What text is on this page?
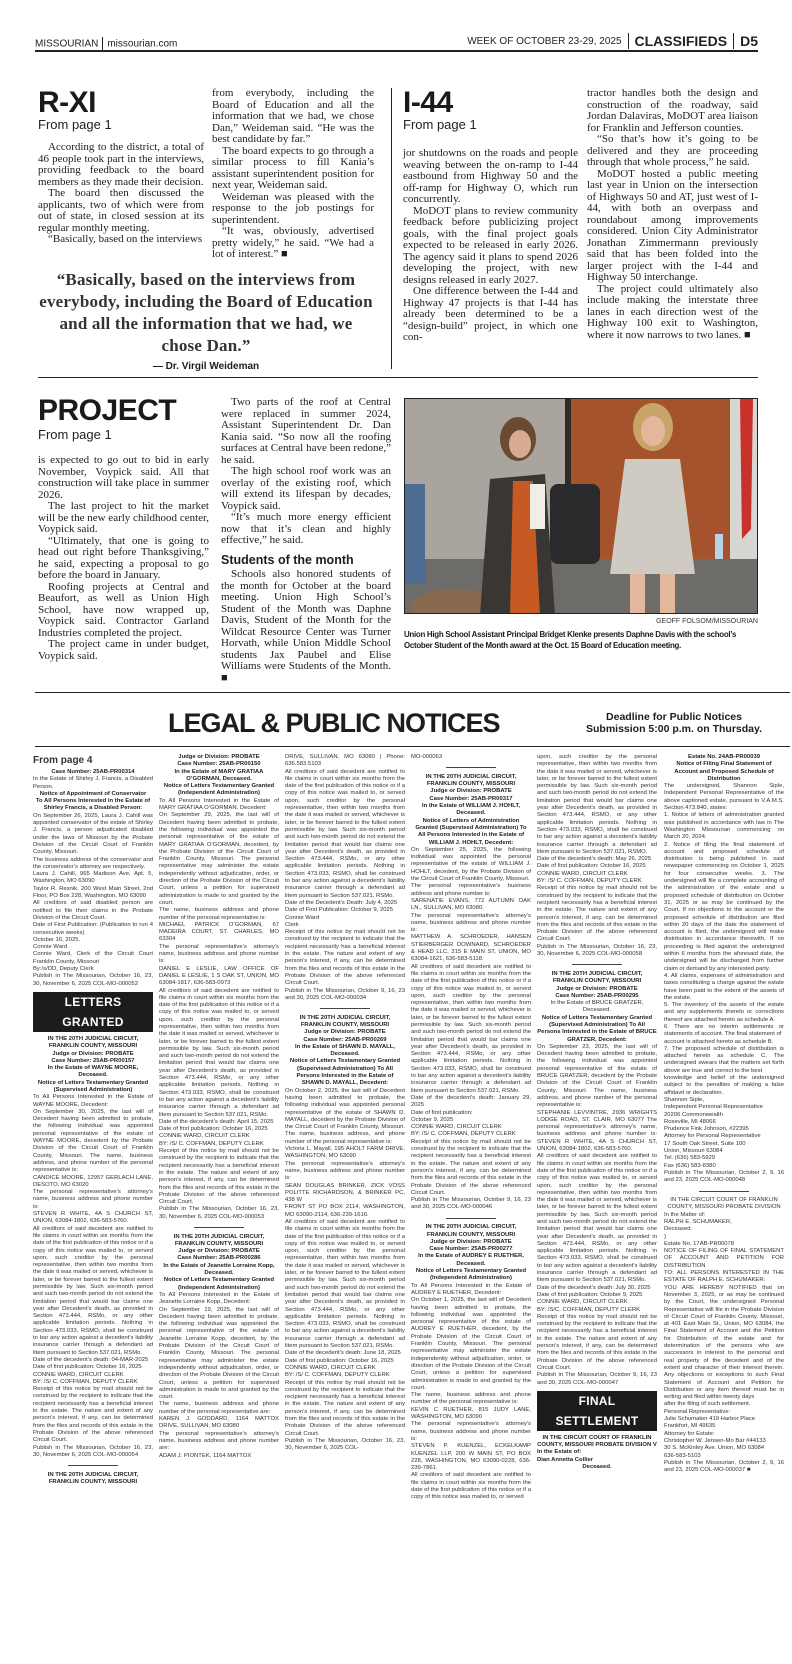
MISSOURIAN missourian.com	WEEK OF OCTOBER 23-29, 2025 CLASSIFIEDS D5
R-XI
From page 1

According to the district, a total of 46 people took part in the interviews, providing feedback to the board members as they made their decision.

The board then discussed the applicants, two of which were from out of state, in closed session at its regular monthly meeting.

“Basically, based on the interviews

from everybody, including the Board of Education and all the information that we had, we chose Dan,” Weideman said. “He was the best candidate by far.”

The board expects to go through a similar process to fill Kania’s assistant superintendent position for next year, Weideman said.

Weideman was pleased with the response to the job postings for superintendent.

“It was, obviously, advertised pretty widely,” he said. “We had a lot of interest.” ■

“Basically, based on the interviews from everybody, including the Board of Education and all the information that we had, we chose Dan.”
— Dr. Virgil Weideman
I-44
From page 1

jor shutdowns on the roads and people weaving between the on-ramp to I-44 eastbound from Highway 50 and the off-ramp for Highway O, which run concurrently.

MoDOT plans to review community feedback before publicizing project goals, with the final project goals expected to be released in early 2026. The agency said it plans to spend 2026 developing the project, with new designs released in early 2027.

One difference between the I-44 and Highway 47 projects is that I-44 has already been determined to be a “design-build” project, in which one con-

tractor handles both the design and construction of the roadway, said Jordan Dalaviras, MoDOT area liaison for Franklin and Jefferson counties.

“So that’s how it’s going to be delivered and they are proceeding through that whole process,” he said.

MoDOT hosted a public meeting last year in Union on the intersection of Highways 50 and AT, just west of I-44, with both an overpass and roundabout among improvements considered. Union City Administrator Jonathan Zimmermann previously said that has been folded into the larger project with the I-44 and Highway 50 interchange.

The project could ultimately also include making the interstate three lanes in each direction west of the Highway 100 exit to Washington, where it now narrows to two lanes. ■

PROJECT
From page 1

is expected to go out to bid in early November, Voypick said. All that construction will take place in summer 2026.

The last project to hit the market will be the new early childhood center, Voypick said.

“Ultimately, that one is going to head out right before Thanksgiving,” he said, expecting a proposal to go before the board in January.

Roofing projects at Central and Beaufort, as well as Union High School, have now wrapped up, Voypick said. Contractor Garland Industries completed the project.

The project came in under budget, Voypick said.

Two parts of the roof at Central were replaced in summer 2024, Assistant Superintendent Dr. Dan Kania said. “So now all the roofing surfaces at Central have been redone,” he said.

The high school roof work was an overlay of the existing roof, which will extend its lifespan by decades, Voypick said.

“It’s much more energy efficient now that it’s clean and highly effective,” he said.

Students of the month

Schools also honored students of the month for October at the board meeting. Union High School’s Student of the Month was Daphne Davis, Student of the Month for the Wildcat Resource Center was Turner Horvath, while Union Middle School students Jax Paubel and Elise Williams were Students of the Month. ■

GEOFF FOLSOM/MISSOURIAN
Union High School Assistant Principal Bridget Klenke presents Daphne Davis with the school’s October Student of the Month award at the Oct. 15 Board of Education meeting.
LEGAL & PUBLIC NOTICES	Deadline for Public Notices
Submission 5:00 p.m. on Thursday.
From page 4
Case Number: 25AB-PR00314
In the Estate of Shirley J. Francis, a Disabled Person.
Notice of Appointment of Conservator
To All Persons Interested in the Estate of Shirley Francis, a Disabled Person:
On September 26, 2025, Laura J. Cahill was appointed conservator of the estate of Shirley J. Francis, a person adjudicated disabled under the laws of Missouri by the Probate Division of the Circuit Court of Franklin County, Missouri.
The business address of the conservator and the conservator’s attorney are respectively.
Laura J. Cahill, 965 Madison Ave, Apt. 5, Washington, MO 63090
Taylor R. Resnik, 200 West Main Street, 2nd Floor, PO Box 228, Washington, MO 63090
All creditors of said disabled person are notified to file their claims in the Probate Division of the Circuit Court.
Date of First Publication: (Publication to run 4 consecutive weeks)
October 16, 2025.
Connie Ward
Connie Ward, Clerk of the Circuit Court Franklin County, Missouri
By:/s/DD, Deputy Clerk
Publish in The Missourian, October 16, 23, 30, November 6, 2025 COL-MO-000052
LETTERS GRANTED
IN THE 20TH JUDICIAL CIRCUIT, FRANKLIN COUNTY, MISSOURI
Judge or Division: PROBATE
Case Number: 25AB-PR00157
In the Estate of WAYNE MOORE, Deceased.
Notice of Letters Testamentary Granted (Supervised Administration)
To All Persons Interested in the Estate of WAYNE MOORE, Decedent:
On September 30, 2025, the last will of Decedent having been admitted to probate, the following individual was appointed personal representative of the estate of WAYNE MOORE, decedent by the Probate Division of the Circuit Court of Franklin County, Missouri. The name, business address, and phone number of the personal representative is:
CANDICE MOORE, 12957 GERLACH LANE, DESOTO, MO 63020
The personal representative’s attorney’s name, business address and phone number is:
STEVEN R WHITE, 4A S CHURCH ST, UNION, 63084-1802, 636-583-5760.
All creditors of said decedent are notified to file claims in court within six months from the date of the first publication of this notice or if a copy of this notice was mailed to, or served upon, such creditor by the personal representative, then within two months from the date it was mailed or served, whichever is later, or be forever barred to the fullest extent permissible by law. Such six-month period and such two-month period do not extend the limitation period that would bar claims one year after Decedent’s death, as provided in Section 473.444, RSMo, or any other applicable limitation periods. Nothing in Section 473.033, RSMO, shall be construed to bar any action against a decedent’s liability insurance carrier through a defendant ad litem pursuant to Section 537.021, RSMo.
Date of the decedent’s death: 04-MAR-2025
Date of first publication: October 16, 2025
CONNIE WARD, CIRCUIT CLERK
BY: /S/ C. COFFMAN, DEPUTY CLERK
Receipt of this notice by mail should not be construed by the recipient to indicate that the recipient necessarily has a beneficial interest in the estate. The nature and extent of any person’s interest, if any, can be determined from the files and records of this estate in the Probate Division of the above referenced Circuit Court.
Publish in The Missourian, October 16, 23, 30, November 6, 2025 COL-MO-000054
IN THE 20TH JUDICIAL CIRCUIT, FRANKLIN COUNTY, MISSOURI
Judge or Division: PROBATE
Case Number: 25AB-PR00150
In the Estate of MARY GRATIAA O’GORMAN, Deceased.
Notice of Letters Testamentary Granted (Independent Administration)
To All Persons Interested in the Estate of MARY GRATIAA O’GORMAN, Decedent:
On September 29, 2025, the last will of Decedent having been admitted to probate, the following individual was appointed the personal representative of the estate of MARY GRATIAA O’GORMAN, decedent, by the Probate Division of the Circuit Court of Franklin County, Missouri. The personal representative may administer the estate independently without adjudication, order, or direction of the Probate Division of the Circuit Court, unless a petition for supervised administration is made to and granted by the court.
The name, business address and phone number of the personal representative is:
MICHAEL PATRICK O’GORMAN, 67 MADEIRA COURT, ST. CHARLES, MO 63304
The personal representative’s attorney’s name, business address and phone number is:
DANIEL E LESLIE, LAW OFFICE OF DANIEL E LESLIE, 1 S OAK ST, UNION, MO 63084-1817, 636-583-0973
All creditors of said decedent are notified to file claims in court within six months from the date of the first publication of this notice or if a copy of this notice was mailed to, or served upon, such creditor by the personal representative, then within two months from the date it was mailed or served, whichever is later, or be forever barred to the fullest extent permissible by law. Such six-month period and such two-month period do not extend the limitation period that would bar claims one year after Decedent’s death, as provided in Section 473.444, RSMo, or any other applicable limitation periods. Nothing in Section 473.033, RSMO, shall be construed to bar any action against a decedent’s liability insurance carrier through a defendant ad litem pursuant to Section 537.021, RSMo.
Date of the decedent’s death: April 15, 2025
Date of first publication: October 16, 2025
CONNIE WARD, CIRCUIT CLERK
BY: /S/ C. COFFMAN, DEPUTY CLERK
Receipt of this notice by mail should not be construed by the recipient to indicate that the recipient necessarily has a beneficial interest in the estate. The nature and extent of any person’s interest, if any, can be determined from the files and records of this estate in the Probate Division of the above referenced Circuit Court.
Publish in The Missourian, October 16, 23, 30, November 6, 2025 COL-MO-000053
IN THE 20TH JUDICIAL CIRCUIT, FRANKLIN COUNTY, MISSOURI
Judge or Division: PROBATE
Case Number: 25AB-PR00286
In the Estate of Jeanette Lorraine Kopp, Deceased.
Notice of Letters Testamentary Granted (Independent Administration)
To All Persons Interested in the Estate of Jeanette Lorraine Kopp, Decedent:
On September 19, 2025, the last will of Decedent having been admitted to probate, the following individual was appointed the personal representative of the estate of Jeanette Lorraine Kopp, decedent, by the Probate Division of the Circuit Court of Franklin County, Missouri. The personal representative may administer the estate independently without adjudication, order, or direction of the Probate Division of the Circuit Court, unless a petition for supervised administration is made to and granted by the court.
The name, business address and phone number of the personal representative are:
KAREN J. GODDARD, 1164 MATTOX DRIVE, SULLIVAN, MO 63080
The personal representative’s attorney’s name, business address and phone number are:
ADAM J. PIONTEK, 1164 MATTOX
DRIVE, SULLIVAN, MO 63080 | Phone: 636.583.5103
All creditors of said decedent are notified to file claims in court within six months from the date of the first publication of this notice or if a copy of this notice was mailed to, or served upon, such creditor by the personal representative, then within two months from the date it was mailed or served, whichever is later, or be forever barred to the fullest extent permissible by law. Such six-month period and such two-month period do not extend the limitation period that would bar claims one year after Decedent’s death, as provided in Section 473.444, RSMo, or any other applicable limitation periods. Nothing in Section 473.033, RSMO, shall be construed to bar any action against a decedent’s liability insurance carrier through a defendant ad litem pursuant to Section 537.021, RSMo.
Date of the Decedent’s Death: July 4, 2025
Date of First Publication: October 9, 2025
Connie Ward
Clerk
Receipt of this notice by mail should not be construed by the recipient to indicate that the recipient necessarily has a beneficial interest in the estate. The nature and extent of any person’s interest, if any, can be determined from the files and records of this estate in the Probate Division of the above referenced Circuit Court.
Publish in The Missourian, October 9, 16, 23 and 30, 2025 COL-MO-000034
IN THE 20TH JUDICIAL CIRCUIT, FRANKLIN COUNTY, MISSOURI
Judge or Division: PROBATE
Case Number: 25AB-PR00269
In the Estate of SHAWN D. MAYALL, Deceased.
Notice of Letters Testamentary Granted (Supervised Administration) To All Persons Interested in the Estate of SHAWN D. MAYALL, Decedent:
On October 2, 2025, the last will of Decedent having been admitted to probate, the following individual was appointed personal representative of the estate of SHAWN D. MAYALL, decedent by the Probate Division of the Circuit Court of Franklin County, Missouri. The name, business address, and phone number of the personal representative is:
Victoria L. Mayall, 195 AHOLT FARM DRIVE, WASHINGTON, MO 63090
The personal representative’s attorney’s name, business address and phone number is:
SEAN DOUGLAS BRINKER, ZICK VOSS POLITTE RICHARDSON, & BRINKER PC, 438 W
FRONT ST PO BOX 2114, WASHINGTON, MO 63090-2114, 636-239-1616.
All creditors of said decedent are notified to file claims in court within six months from the date of the first publication of this notice or if a copy of this notice was mailed to, or served upon, such creditor by the personal representative, then within two months from the date it was mailed or served, whichever is later, or be forever barred to the fullest extent permissible by law. Such six-month period and such two-month period do not extend the limitation period that would bar claims one year after Decedent’s death, as provided in Section 473.444, RSMo, or any other applicable limitation periods. Nothing in Section 473.033, RSMO, shall be construed to bar any action against a decedent’s liability insurance carrier through a defendant ad litem pursuant to Section 537.021, RSMo.
Date of the decedent’s death: June 18, 2025
Date of first publication: October 16, 2025
CONNIE WARD, CIRCUIT CLERK
BY: /S/ C. COFFMAN, DEPUTY CLERK
Receipt of this notice by mail should not be construed by the recipient to indicate that the recipient necessarily has a beneficial interest in the estate. The nature and extent of any person’s interest, if any, can be determined from the files and records of this estate in the Probate Division of the above referenced Circuit Court.
Publish in The Missourian, October 16, 23, 30, November 6, 2025 COL-
MO-000063
IN THE 20TH JUDICIAL CIRCUIT, FRANKLIN COUNTY, MISSOURI
Judge or Division: PROBATE
Case Number: 25AB-PR00317
In the Estate of WILLIAM J. HOHLT, Deceased.
Notice of Letters of Administration Granted (Supervised Administration) To All Persons Interested in the Estate of WILLIAM J. HOHLT, Decedent:
On September 25, 2025, the following individual was appointed the personal representative of the estate of WILLIAM J. HOHLT, decedent, by the Probate Division of the Circuit Court of Franklin County, Missouri.
The personal representative’s business address and phone number is:
SARENATIE EVANS, 772 AUTUMN OAK LN., SULLIVAN, MO 63080.
The personal representative’s attorney’s name, business address and phone number is:
MATTHEW A. SCHROEDER, HANSEN STIERBERGER DOWNARD, SCHROEDER & HEAD LLC, 315 E MAIN ST, UNION, MO 63084-1621, 636-583-5118.
All creditors of said decedent are notified to file claims in court within six months from the date of the first publication of this notice or if a copy of this notice was mailed to, or served upon, such creditor by the personal representative, then within two months from the date it was mailed or served, whichever is later, or be forever barred to the fullest extent permissible by law. Such six-month period and such two-month period do not extend the limitation period that would bar claims one year after Decedent’s death, as provided in Section 473.444, RSMo, or any other applicable limitation periods. Nothing in Section 473.033, RSMO, shall be construed to bar any action against a decedent’s liability insurance carrier through a defendant ad litem pursuant to Section 537.021, RSMo.
Date of the decedent’s death: January 29, 2025
Date of first publication:
October 9, 2025
CONNIE WARD, CIRCUIT CLERK
BY: /S/ C. COFFMAN, DEPUTY CLERK
Receipt of this notice by mail should not be construed by the recipient to indicate that the recipient necessarily has a beneficial interest in the estate. The nature and extent of any person’s interest, if any, can be determined from the files and records of this estate in the Probate Division of the above referenced Circuit Court.
Publish in The Missourian, October 9, 16, 23 and 30, 2025 COL-MO-000046
IN THE 20TH JUDICIAL CIRCUIT, FRANKLIN COUNTY, MISSOURI
Judge or Division: PROBATE
Case Number: 25AB-PR00277
In the Estate of AUDREY E RUETHER, Deceased.
Notice of Letters Testamentary Granted (Independent Administration)
To All Persons Interested in the Estate of AUDREY E RUETHER, Decedent:
On October 1, 2025, the last will of Decedent having been admitted to probate, the following individual was appointed the personal representative of the estate of AUDREY E RUETHER, decedent, by the Probate Division of the Circuit Court of Franklin County, Missouri. The personal representative may administer the estate independently without adjudication, order, or direction of the Probate Division of the Circuit Court, unless a petition for supervised administration is made to and granted by the court.
The name, business address and phone number of the personal representative is:
KEVIN C RUETHER, 815 JUDY LANE, WASHINGTON, MO 63090
The personal representative’s attorney’s name, business address and phone number is:
STEVEN P. KUENZEL, ECKELKAMP KUENZEL LLP, 200 W MAIN ST, PO BOX 228, WASHINGTON, MO 63090-0228, 636-239-7861.
All creditors of said decedent are notified to file claims in court within six months from the date of the first publication of this notice or if a copy of this notice was mailed to, or served
upon, such creditor by the personal representative, then within two months from the date it was mailed or served, whichever is later, or be forever barred to the fullest extent permissible by law. Such six-month period and such two-month period do not extend the limitation period that would bar claims one year after Decedent’s death, as provided in Section 473.444, RSMO, or any other applicable limitation periods. Nothing in Section 473.033, RSMO, shall be construed to bar any action against a decedent’s liability insurance carrier through a defendant ad litem pursuant to Section 537.021, RSMO.
Date of the decedent’s death: May 26, 2025
Date of first publication: October 16, 2025
CONNIE WARD, CIRCUIT CLERK
BY: /S/ C. COFFMAN, DEPUTY CLERK
Receipt of this notice by mail should not be construed by the recipient to indicate that the recipient necessarily has a beneficial interest in the estate. The nature and extent of any person’s interest, if any, can be determined from the files and records of this estate in the Probate Division of the above referenced Circuit Court.
Publish in The Missourian, October 16, 23, 30, November 6, 2025 COL-MO-000058
IN THE 20TH JUDICIAL CIRCUIT, FRANKLIN COUNTY, MISSOURI
Judge or Division: PROBATE
Case Number: 25AB-PR00295
In the Estate of BRUCE GRATZER, Deceased.
Notice of Letters Testamentary Granted (Supervised Administration) To All Persons Interested in the Estate of BRUCE GRATZER, Decedent:
On September 23, 2025, the last will of Decedent having been admitted to probate, the following individual was appointed personal representative of the estate of BRUCE GRATZER, decedent by the Probate Division of the Circuit Court of Franklin County, Missouri. The name, business address, and phone number of the personal representative is:
STEPHANIE LEVVINTRE, 2936 WRIGHTS LODGE ROAD, ST. CLAIR, MO 63077 The personal representative’s attorney’s name, business address and phone number is: STEVEN R WHITE, 4A S CHURCH ST, UNION, 63084-1802, 636-583-5760.
All creditors of said decedent are notified to file claims in court within six months from the date of the first publication of this notice or if a copy of this notice was mailed to, or served upon, such creditor by the personal representative, then within two months from the date it was mailed or served, whichever is later, or be forever barred to the fullest extent permissible by law. Such six-month period and such two-month period do not extend the limitation period that would bar claims one year after Decedent’s death, as provided in Section 473.444, RSMo, or any other applicable limitation periods. Nothing in Section 473.033, RSMO, shall be construed to bar any action against a decedent’s liability insurance carrier through a defendant ad litem pursuant to Section 537.021, RSMo.
Date of the decedent’s death: July 30, 2025
Date of first publication: October 9, 2025
CONNIE WARD, CIRCUIT CLERK
BY: /S/C. COFFMAN, DEPUTY CLERK
Receipt of this notice by mail should not be construed by the recipient to indicate that the recipient necessarily has a beneficial interest in the estate. The nature and extent of any person’s interest, if any, can be determined from the files and records of this estate in the Probate Division of the above referenced Circuit Court.
Publish in The Missourian, October 9, 16, 23 and 30, 2025 COL-MO-000047
FINAL SETTLEMENT
IN THE CIRCUIT COURT OF FRANKLIN COUNTY, MISSOURI PROBATE DIVISION V
In the Estate of:
Dian Annetta Collier
Deceased.
Estate No. 24AB-PR00039
Notice of Filing Final Statement of Account and Proposed Schedule of Distribution
The undersigned, Shannon Siple, Independent Personal Representative of the above captioned estate, pursuant to V.A.M.S. Section 473.840, states:
1. Notice of letters of administration granted was published in accordance with law in The Washington Missourian commencing on March 20, 2024.
2. Notice of filing the final statement of account and proposed schedule of distribution is being published in said newspaper commencing on October 1, 2025 for four consecutive weeks. 3. The undersigned will file a complete accounting of the administration of the estate and a proposed schedule of distribution on October 31, 2025 or as may be continued by the Court. If no objections to the account or the proposed schedule of distribution are filed within 20 days of the date the statement of account is filed, the undersigned will make distribution in accordance therewith. If no proceeding is filed against the undersigned within 6 months from the aforesaid date, the undersigned will be discharged from further claim or demand by any interested party.
4. All claims, expenses of administration and taxes constituting a charge against the estate have been paid to the extent of the assets of the estate.
5. The inventory of the assets of the estate and any supplements thereto or corrections thereof are attached hereto as schedule A.
6. There are no interim settlements or statements of account. The final statement of
account is attached hereto as schedule B.
7. The proposed schedule of distribution is attached hereto as schedule C. The undersigned swears that the matters set forth above are true and correct to the best
knowledge and belief of the undersigned subject to the penalties of making a false affidavit or declaration.
Shannon Siple,
Independent Personal Representative
20206 Commonwealth
Roseville, MI 48066
Prudence Fink Johnson, #22395
Attorney for Personal Representative
17 South Oak Street, Suite 100
Union, Missouri 63084
Tel. (636) 583-5929
Fax (636) 583-8380
Publish in The Missourian, October 2, 9, 16 and 23, 2025 COL-MO-000048
IN THE CIRCUIT COURT OF FRANKLIN COUNTY, MISSOURI PROBATE DIVISION
In the Matter of:
RALPH E. SCHUMAKER,
Deceased.
)
Estate No. 17AB-PR00078
NOTICE OF FILING OF FINAL STATEMENT OF ACCOUNT AND PETITION FOR DISTRIBUTION
TO: ALL PERSONS INTERESTED IN THE ESTATE OF RALPH E. SCHUMAKER:
YOU ARE HEREBY NOTIFIED that on November 3, 2025, or as may be continued by the Court, the undersigned Personal Representative will file in the Probate Division of Circuit Court of Franklin County, Missouri, at 401 East Main St., Union, MO 63084, the Final Statement of Account and the Petition for Distribution of the estate and for determination of the persons who are successors in interest to the personal and real property of the decedent and of the extent and character of their interest therein. Any objections or exceptions to such Final Statement of Account and Petition for Distribution or any item thereof must be in writing and filed within twenty days
after the filing of such settlement.
Personal Representative:
Julie Schumaker 419 Harbor Place
Frankfort, MI 49635
Attorney for Estate:
Christopher W. Jensen-Mo Bar #44133
30 S. McKinley Ave. Union, MO 63084
636-583-5103
Publish in The Missourian, October 2, 9, 16 and 23, 2025 COL-MO-000037 ■
